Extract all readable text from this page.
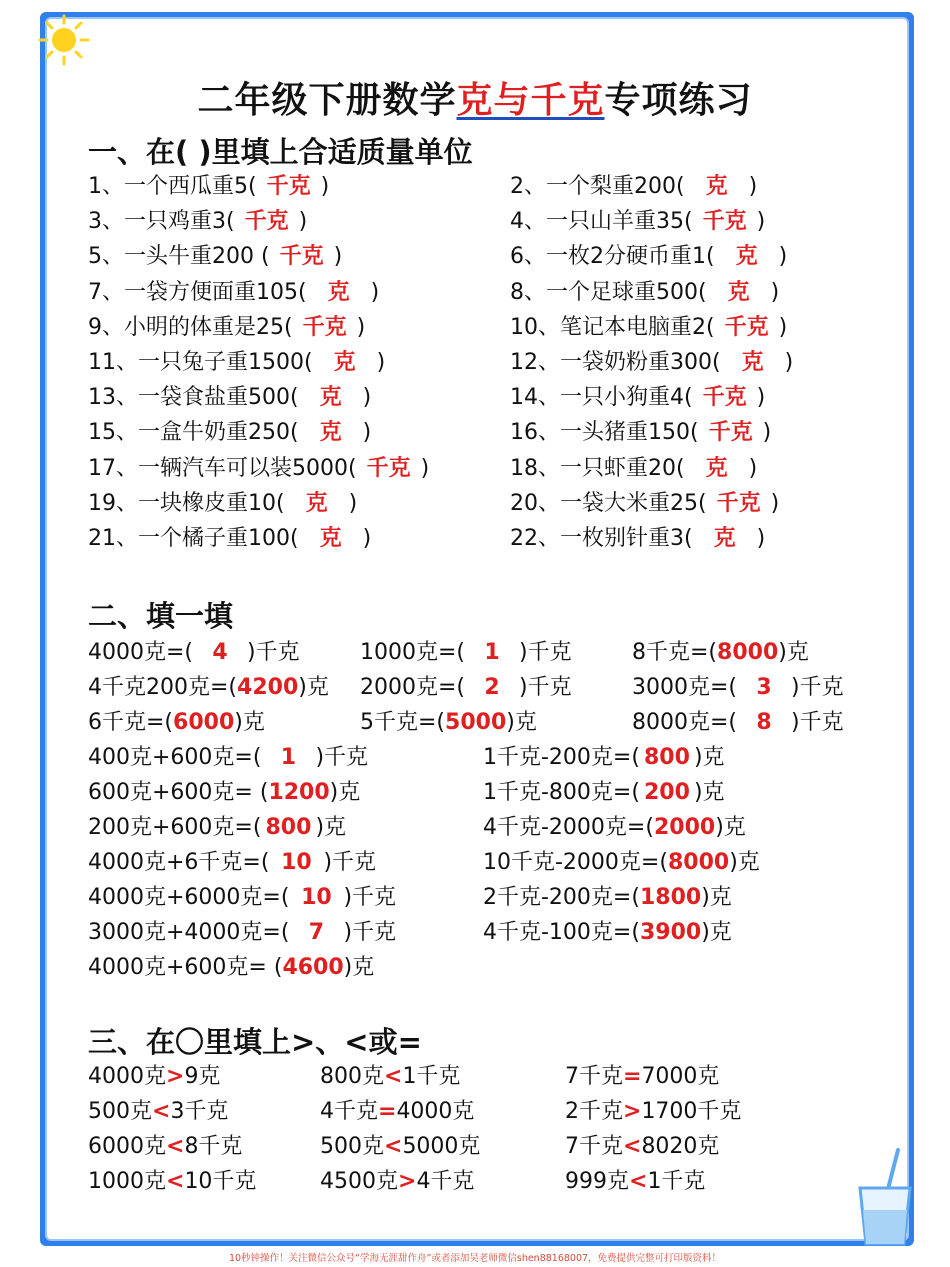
二年级下册数学克与千克专项练习
一、在( )里填上合适质量单位
1、一个西瓜重5( 千克 )	2、一个梨重200( 克 )
3、一只鸡重3( 千克 )	4、一只山羊重35( 千克 )
5、一头牛重200 ( 千克 )	6、一枚2分硬币重1( 克 )
7、一袋方便面重105( 克 )	8、一个足球重500( 克 )
9、小明的体重是25( 千克 )	10、笔记本电脑重2( 千克 )
11、一只兔子重1500( 克 )	12、一袋奶粉重300( 克 )
13、一袋食盐重500( 克 )	14、一只小狗重4( 千克 )
15、一盒牛奶重250( 克 )	16、一头猪重150( 千克 )
17、一辆汽车可以装5000( 千克 )	18、一只虾重20( 克 )
19、一块橡皮重10( 克 )	20、一袋大米重25( 千克 )
21、一个橘子重100( 克 )	22、一枚别针重3( 克 )
二、填一填
4000克=( 4 )千克	1000克=( 1 )千克	8千克=(8000)克
4千克200克=(4200)克 2000克=( 2 )千克	3000克=( 3 )千克
6千克=(6000)克	5千克=(5000)克	8000克=( 8 )千克
400克+600克=( 1 )千克	1千克-200克=( 800 )克
600克+600克= (1200)克	1千克-800克=( 200 )克
200克+600克=( 800 )克	4千克-2000克=(2000)克
4000克+6千克=( 10 )千克	10千克-2000克=(8000)克
4000克+6000克=( 10 )千克	2千克-200克=(1800)克
3000克+4000克=( 7 )千克	4千克-100克=(3900)克
4000克+600克= (4600)克
三、在〇里填上>、<或=
4000克>9克	800克<1千克	7千克=7000克
500克<3千克	4千克=4000克	2千克>1700千克
6000克<8千克	500克<5000克	7千克<8020克
1000克<10千克	4500克>4千克	999克<1千克
10秒钟操作！关注微信公众号“学海无涯甜作舟”或者添加吴老师微信shen88168007，免费提供完整可打印版资料！
